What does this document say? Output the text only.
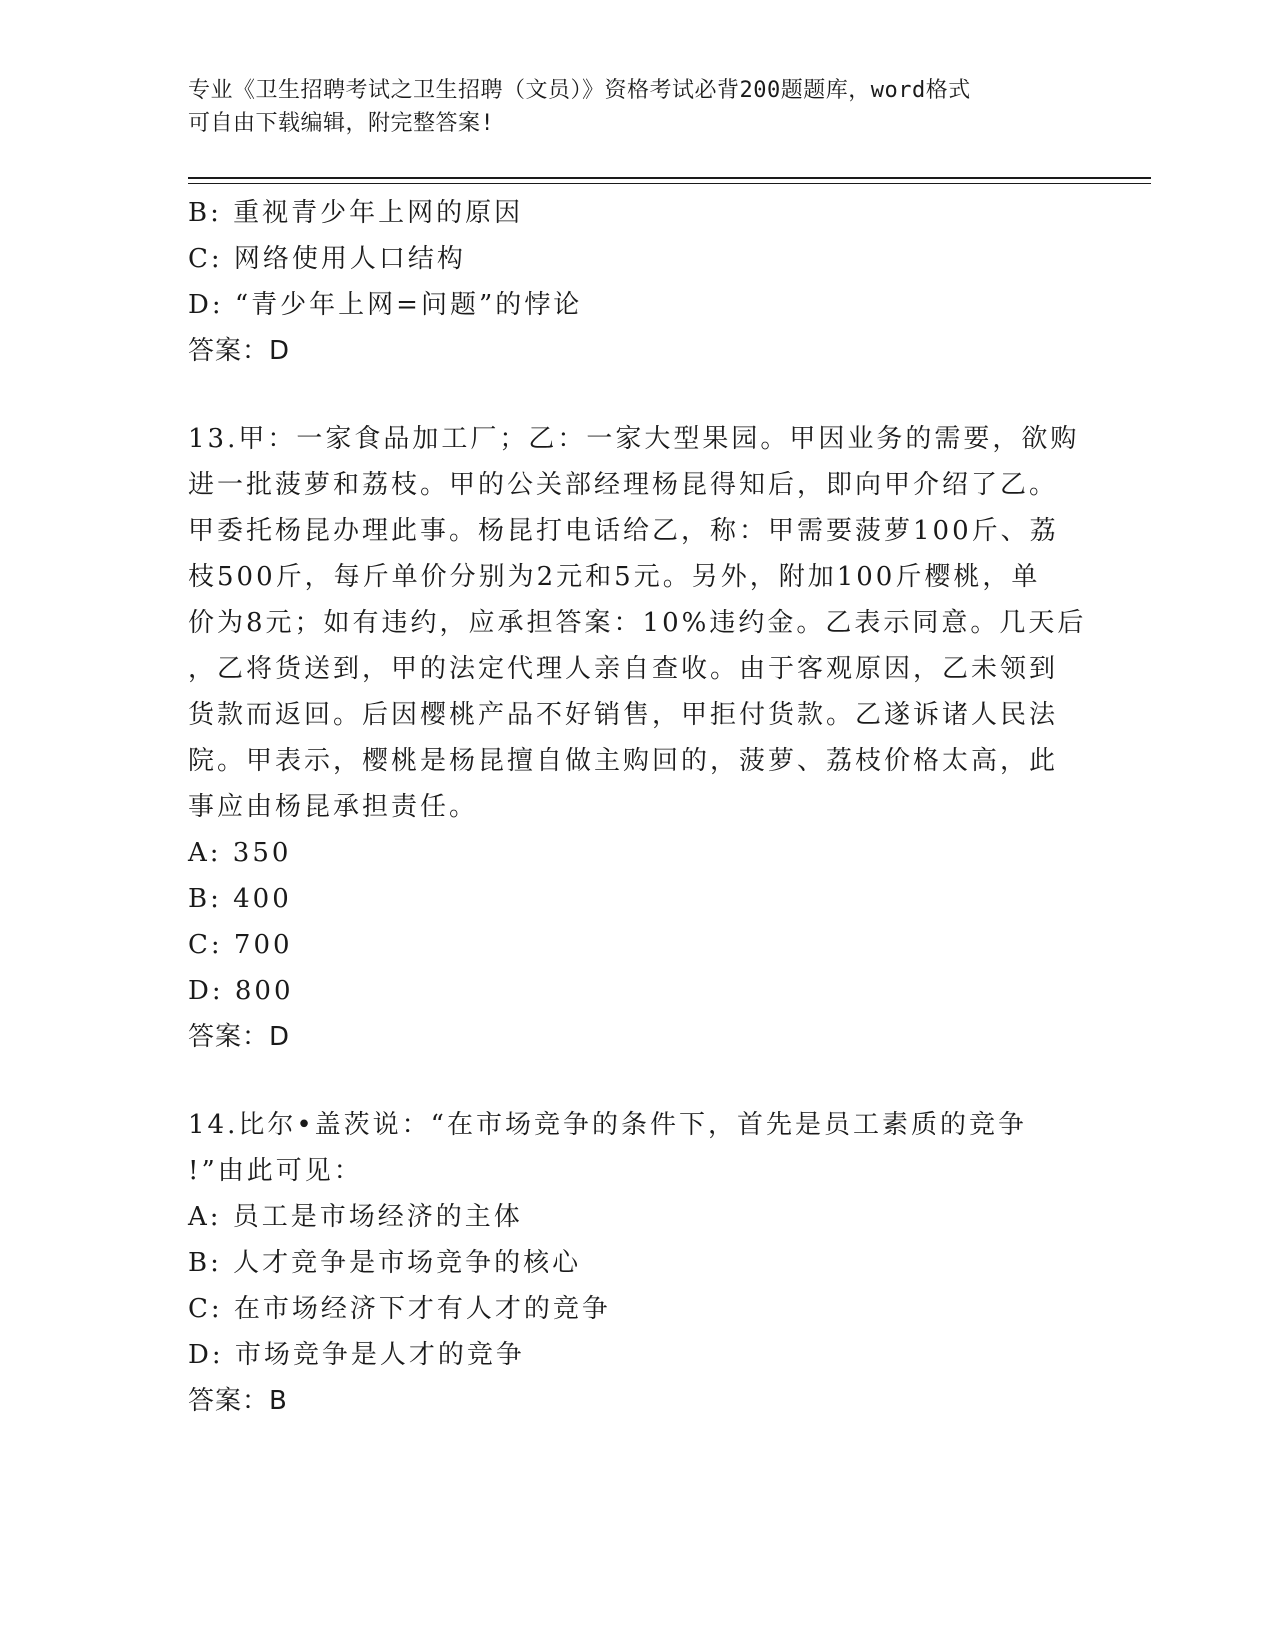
专业《卫生招聘考试之卫生招聘（文员）》资格考试必背200题题库，word格式
可自由下载编辑，附完整答案!
B: 重视青少年上网的原因
C: 网络使用人口结构
D: “青少年上网=问题”的悖论
答案：D
13.甲：一家食品加工厂；乙：一家大型果园。甲因业务的需要，欲购
进一批菠萝和荔枝。甲的公关部经理杨昆得知后，即向甲介绍了乙。
甲委托杨昆办理此事。杨昆打电话给乙，称：甲需要菠萝100斤、荔
枝500斤，每斤单价分别为2元和5元。另外，附加100斤樱桃，单
价为8元；如有违约，应承担答案：10%违约金。乙表示同意。几天后
，乙将货送到，甲的法定代理人亲自查收。由于客观原因，乙未领到
货款而返回。后因樱桃产品不好销售，甲拒付货款。乙遂诉诸人民法
院。甲表示，樱桃是杨昆擅自做主购回的，菠萝、荔枝价格太高，此
事应由杨昆承担责任。
A: 350
B: 400
C: 700
D: 800
答案：D
14.比尔•盖茨说：“在市场竞争的条件下，首先是员工素质的竞争
!”由此可见：
A: 员工是市场经济的主体
B: 人才竞争是市场竞争的核心
C: 在市场经济下才有人才的竞争
D: 市场竞争是人才的竞争
答案：B
